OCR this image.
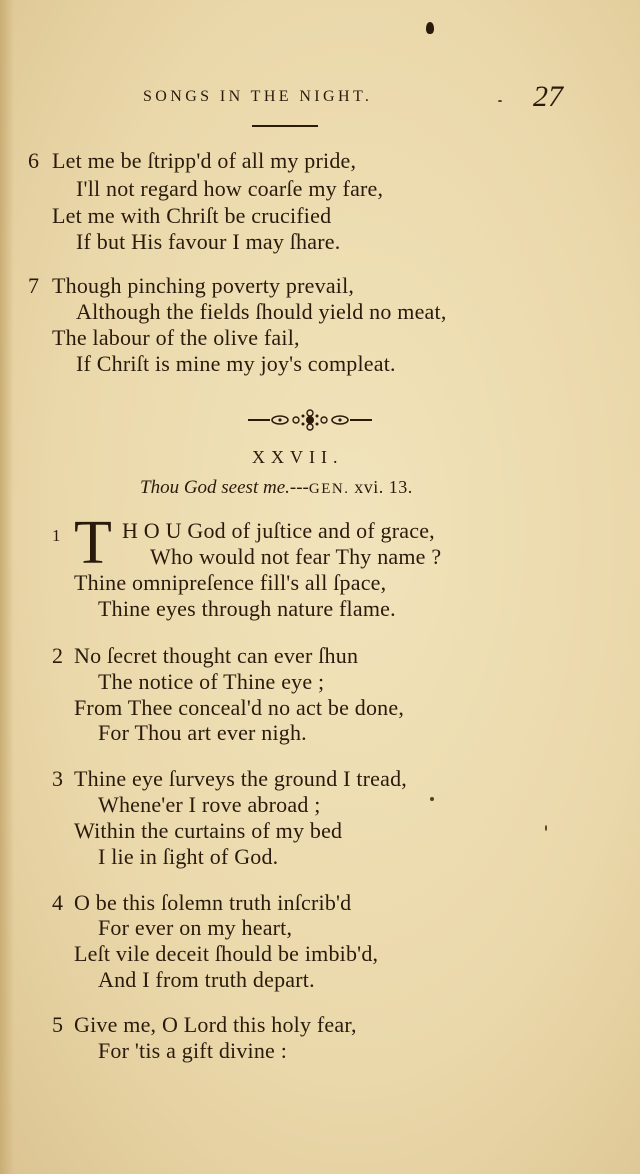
SONGS IN THE NIGHT.	27
6 Let me be ſtripp'd of all my pride,
I'll not regard how coarſe my fare,
Let me with Chriſt be crucified
If but His favour I may ſhare.
7 Though pinching poverty prevail,
Although the fields ſhould yield no meat,
The labour of the olive fail,
If Chriſt is mine my joy's compleat.
XXVII.
Thou God seest me.---GEN. xvi. 13.
1 T H O U God of juſtice and of grace,
Who would not fear Thy name ?
Thine omnipreſence fill's all ſpace,
Thine eyes through nature flame.
2 No ſecret thought can ever ſhun
The notice of Thine eye ;
From Thee conceal'd no act be done,
For Thou art ever nigh.
3 Thine eye ſurveys the ground I tread,
Whene'er I rove abroad ;
Within the curtains of my bed
I lie in ſight of God.
4 O be this ſolemn truth inſcrib'd
For ever on my heart,
Leſt vile deceit ſhould be imbib'd,
And I from truth depart.
5 Give me, O Lord this holy fear,
For 'tis a gift divine :
